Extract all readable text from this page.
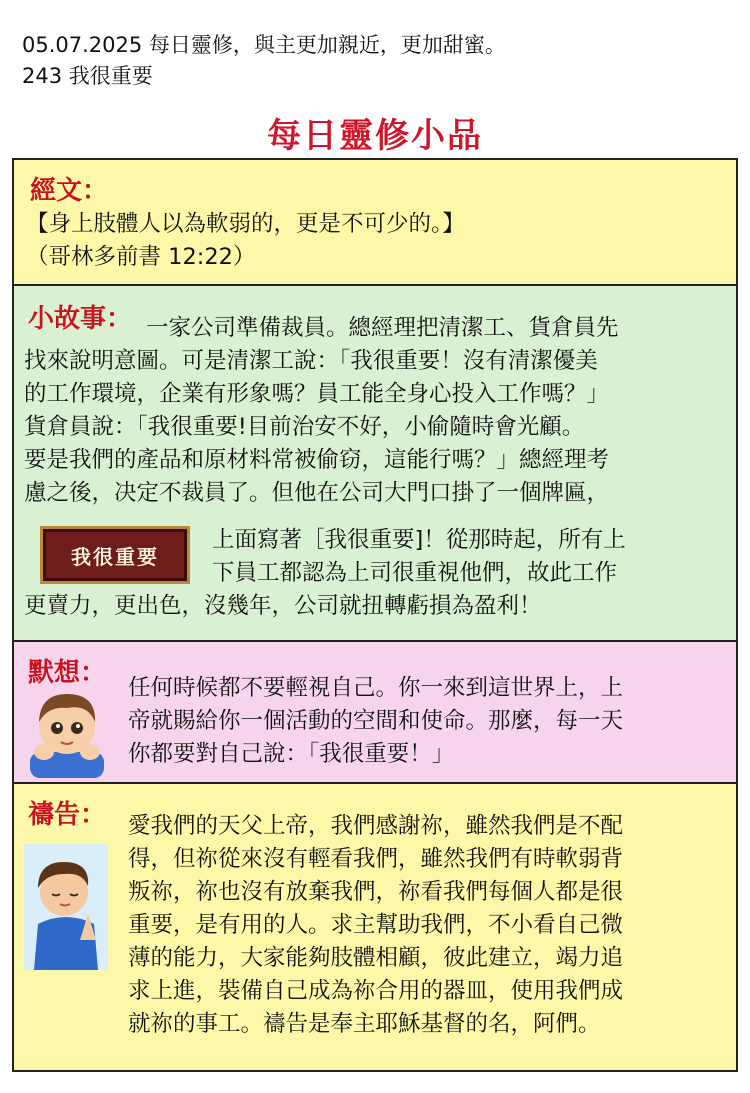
05.07.2025 每日靈修，與主更加親近，更加甜蜜。
243 我很重要
每日靈修小品
經文：
【身上肢體人以為軟弱的，更是不可少的。】
（哥林多前書 12:22）
小故事： 一家公司準備裁員。總經理把清潔工、貨倉員先
找來說明意圖。可是清潔工說：「我很重要！沒有清潔優美
的工作環境，企業有形象嗎？員工能全身心投入工作嗎？」
貨倉員說：「我很重要!目前治安不好，小偷隨時會光顧。
要是我們的產品和原材料常被偷窃，這能行嗎？」總經理考
慮之後，决定不裁員了。但他在公司大門口掛了一個牌匾，
我很重要
上面寫著［我很重要]！從那時起，所有上
下員工都認為上司很重視他們，故此工作
更賣力，更出色，沒幾年，公司就扭轉虧損為盈利！
默想： 任何時候都不要輕視自己。你一來到這世界上，上
帝就賜給你一個活動的空間和使命。那麼，每一天
你都要對自己說：「我很重要！」
禱告： 愛我們的天父上帝，我們感謝祢，雖然我們是不配
得，但祢從來沒有輕看我們，雖然我們有時軟弱背
叛祢，祢也沒有放棄我們，祢看我們每個人都是很
重要，是有用的人。求主幫助我們，不小看自己微
薄的能力，大家能夠肢體相顧，彼此建立，竭力追
求上進，裝備自己成為祢合用的器皿，使用我們成
就祢的事工。禱告是奉主耶穌基督的名，阿們。
